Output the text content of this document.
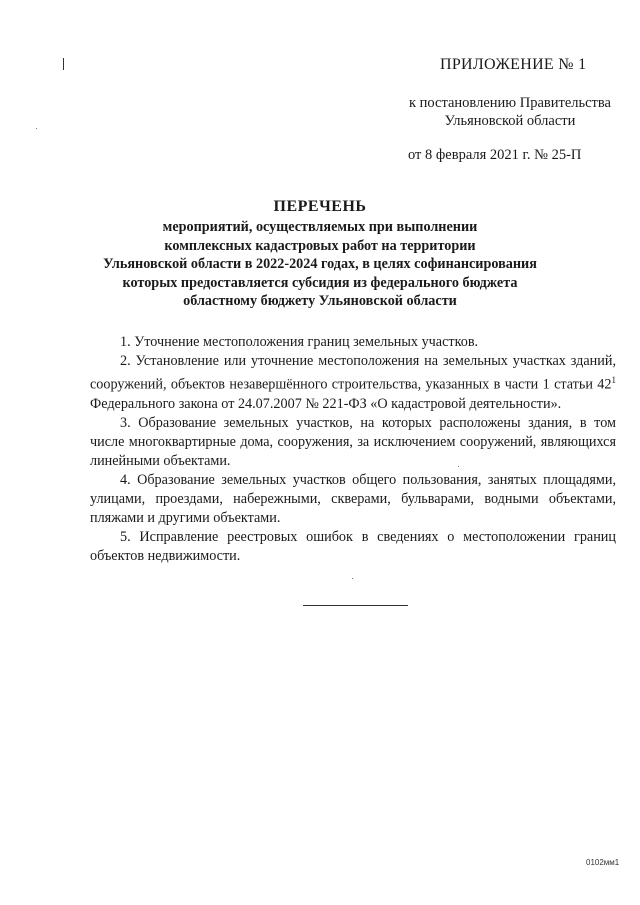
ПРИЛОЖЕНИЕ № 1
к постановлению Правительства
Ульяновской области
от 8 февраля 2021 г. № 25-П
ПЕРЕЧЕНЬ
мероприятий, осуществляемых при выполнении
комплексных кадастровых работ на территории
Ульяновской области в 2022-2024 годах, в целях софинансирования
которых предоставляется субсидия из федерального бюджета
областному бюджету Ульяновской области

1. Уточнение местоположения границ земельных участков.

2. Установление или уточнение местоположения на земельных участках зданий, сооружений, объектов незавершённого строительства, указанных в части 1 статьи $42^1$ Федерального закона от 24.07.2007 № 221-ФЗ «О кадастровой деятельности».

3. Образование земельных участков, на которых расположены здания, в том числе многоквартирные дома, сооружения, за исключением сооружений, являющихся линейными объектами.

4. Образование земельных участков общего пользования, занятых площадями, улицами, проездами, набережными, скверами, бульварами, водными объектами, пляжами и другими объектами.

5. Исправление реестровых ошибок в сведениях о местоположении границ объектов недвижимости.

0102мм1
